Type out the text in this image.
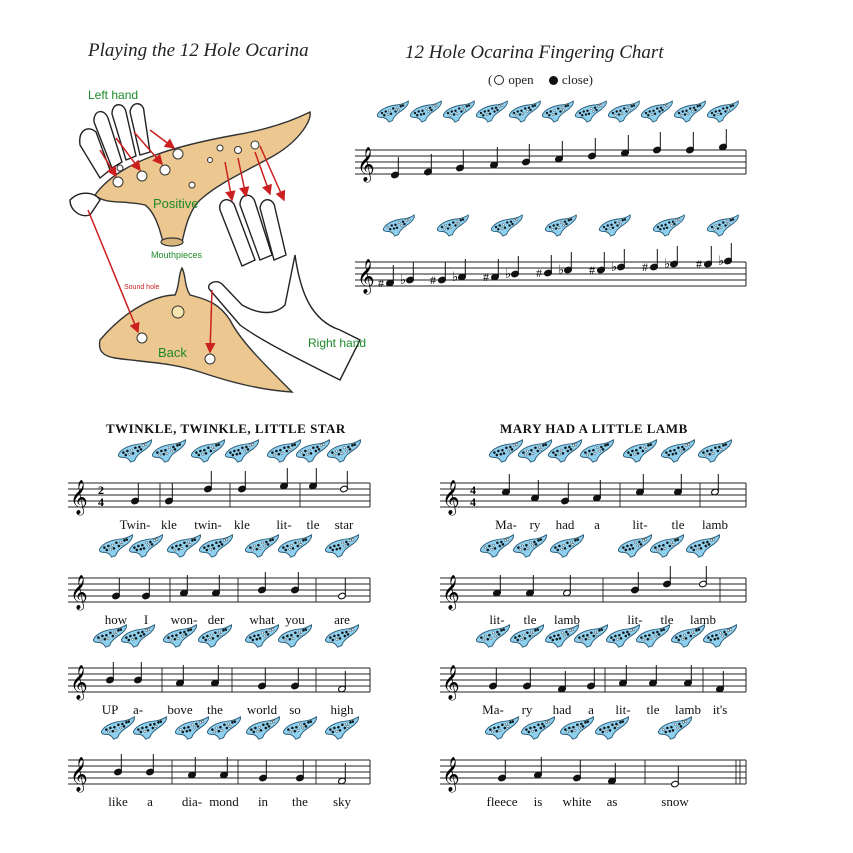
Playing the 12 Hole Ocarina	12 Hole Ocarina Fingering Chart
( open close)
Left hand
Positive
Mouthpieces
Sound hole
Back
Right hand
𝄞
𝄞 # ♭ # ♭ # ♭ # ♭ # ♭ # ♭ # ♭
𝄞
𝄞
𝄞
𝄞
2
4	𝄞
𝄞
𝄞
𝄞
4
4
TWINKLE, TWINKLE, LITTLE STAR	MARY HAD A LITTLE LAMB
Twin- kle twin- kle lit- tle star
how I won- der what you are
UP a- bove the world so high
like a dia- mond in the sky
Ma- ry had a	lit- tle lamb
lit- tle lamb	lit- tle lamb
Ma- ry had a lit- tle lamb it's
fleece is white as	snow
